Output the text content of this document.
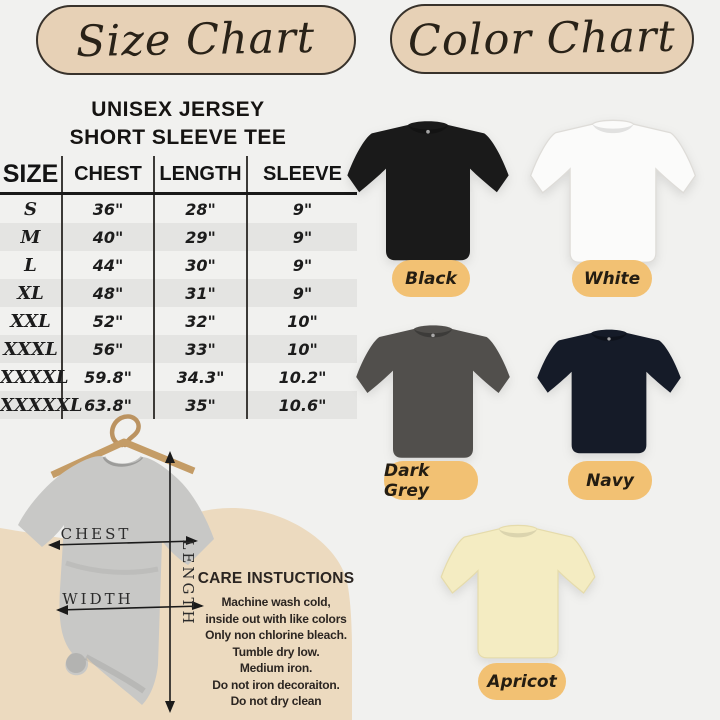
Size Chart
UNISEX JERSEY
SHORT SLEEVE TEE
SIZE	CHEST	LENGTH	SLEEVE
S	36"	28"	9"
M	40"	29"	9"
L	44"	30"	9"
XL	48"	31"	9"
XXL	52"	32"	10"
XXXL	56"	33"	10"
XXXXL	59.8"	34.3"	10.2"
XXXXXL	63.8"	35"	10.6"
CHEST
WIDTH	LENGTH CARE INSTUCTIONS
Machine wash cold,
inside out with like colors
Only non chlorine bleach.
Tumble dry low.
Medium iron.
Do not iron decoraiton.
Do not dry clean
Color Chart
Black	White
Dark Grey	Navy
Apricot
